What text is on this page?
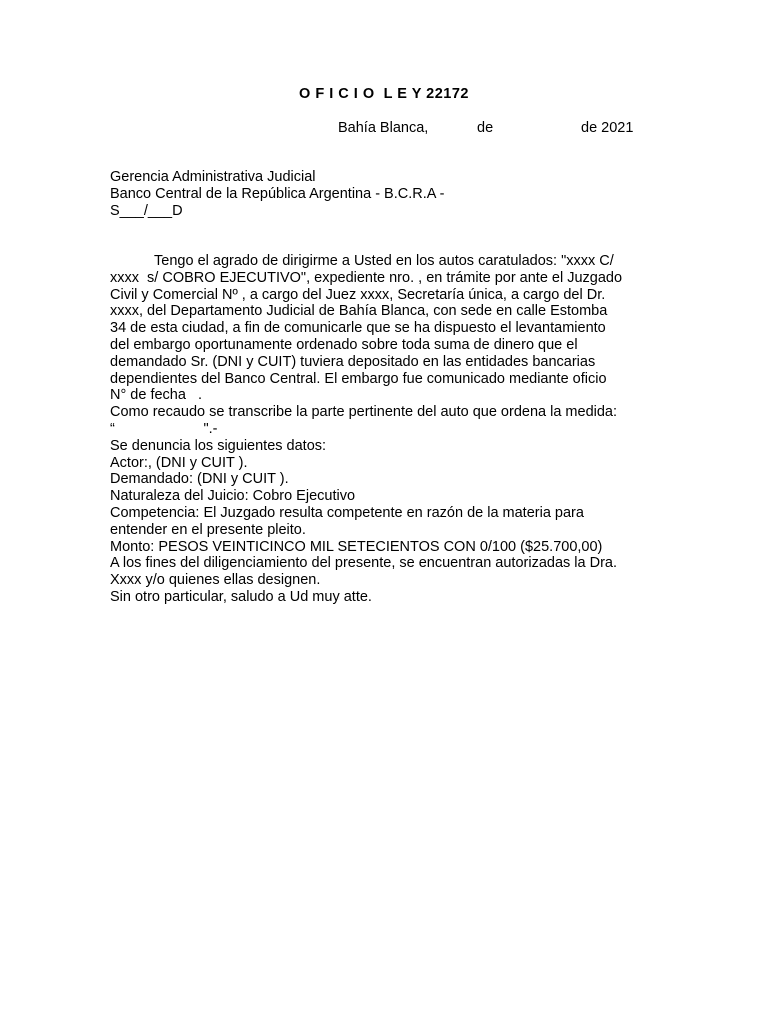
O F I C I O  L E Y 22172
Bahía Blanca,	de	de 2021
Gerencia Administrativa Judicial
Banco Central de la República Argentina - B.C.R.A -
S___/___D
Tengo el agrado de dirigirme a Usted en los autos caratulados: "xxxx C/
xxxx  s/ COBRO EJECUTIVO", expediente nro. , en trámite por ante el Juzgado
Civil y Comercial Nº , a cargo del Juez xxxx, Secretaría única, a cargo del Dr.
xxxx, del Departamento Judicial de Bahía Blanca, con sede en calle Estomba
34 de esta ciudad, a fin de comunicarle que se ha dispuesto el levantamiento
del embargo oportunamente ordenado sobre toda suma de dinero que el
demandado Sr. (DNI y CUIT) tuviera depositado en las entidades bancarias
dependientes del Banco Central. El embargo fue comunicado mediante oficio
N° de fecha   .
Como recaudo se transcribe la parte pertinente del auto que ordena la medida:
“                      ".-
Se denuncia los siguientes datos:
Actor:, (DNI y CUIT ).
Demandado: (DNI y CUIT ).
Naturaleza del Juicio: Cobro Ejecutivo
Competencia: El Juzgado resulta competente en razón de la materia para
entender en el presente pleito.
Monto: PESOS VEINTICINCO MIL SETECIENTOS CON 0/100 ($25.700,00)
A los fines del diligenciamiento del presente, se encuentran autorizadas la Dra.
Xxxx y/o quienes ellas designen.
Sin otro particular, saludo a Ud muy atte.
